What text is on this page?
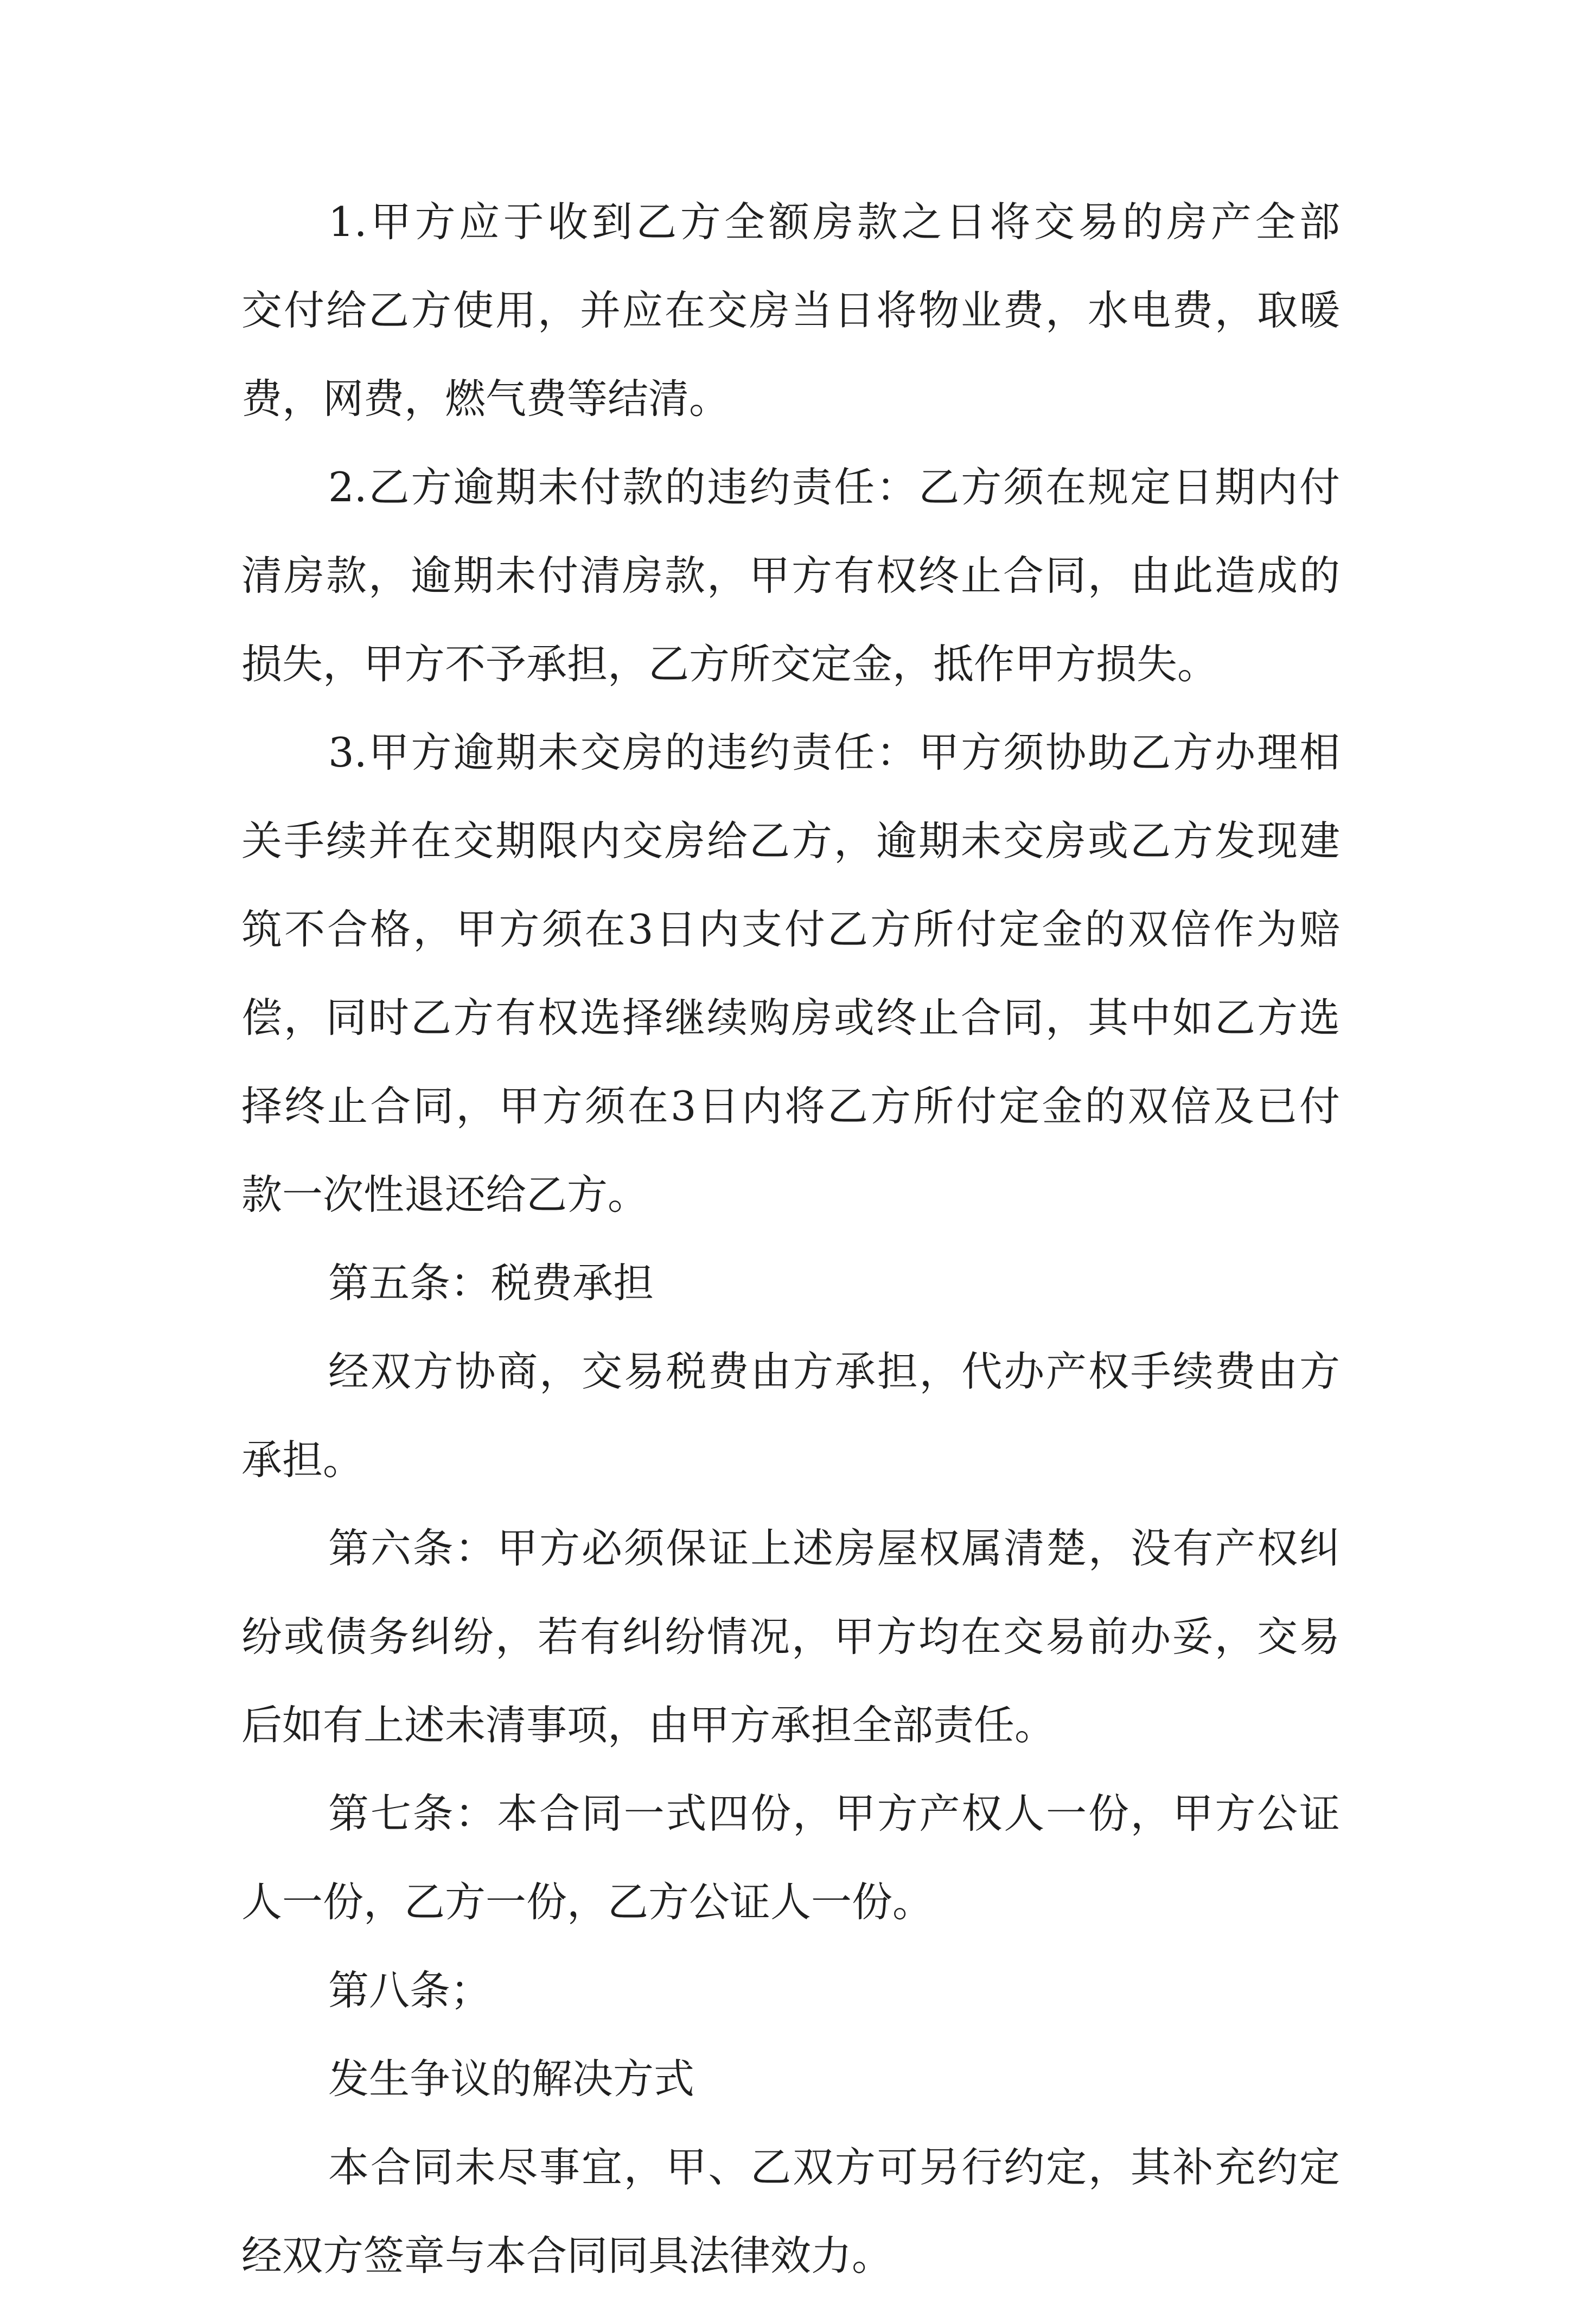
1.甲方应于收到乙方全额房款之日将交易的房产全部
交付给乙方使用，并应在交房当日将物业费，水电费，取暖
费，网费，燃气费等结清。
2.乙方逾期未付款的违约责任：乙方须在规定日期内付
清房款，逾期未付清房款，甲方有权终止合同，由此造成的
损失，甲方不予承担，乙方所交定金，抵作甲方损失。
3.甲方逾期未交房的违约责任：甲方须协助乙方办理相
关手续并在交期限内交房给乙方，逾期未交房或乙方发现建
筑不合格，甲方须在3日内支付乙方所付定金的双倍作为赔
偿，同时乙方有权选择继续购房或终止合同，其中如乙方选
择终止合同，甲方须在3日内将乙方所付定金的双倍及已付
款一次性退还给乙方。
第五条：税费承担
经双方协商，交易税费由方承担，代办产权手续费由方
承担。
第六条：甲方必须保证上述房屋权属清楚，没有产权纠
纷或债务纠纷，若有纠纷情况，甲方均在交易前办妥，交易
后如有上述未清事项，由甲方承担全部责任。
第七条：本合同一式四份，甲方产权人一份，甲方公证
人一份，乙方一份，乙方公证人一份。
第八条；
发生争议的解决方式
本合同未尽事宜，甲、乙双方可另行约定，其补充约定
经双方签章与本合同同具法律效力。
